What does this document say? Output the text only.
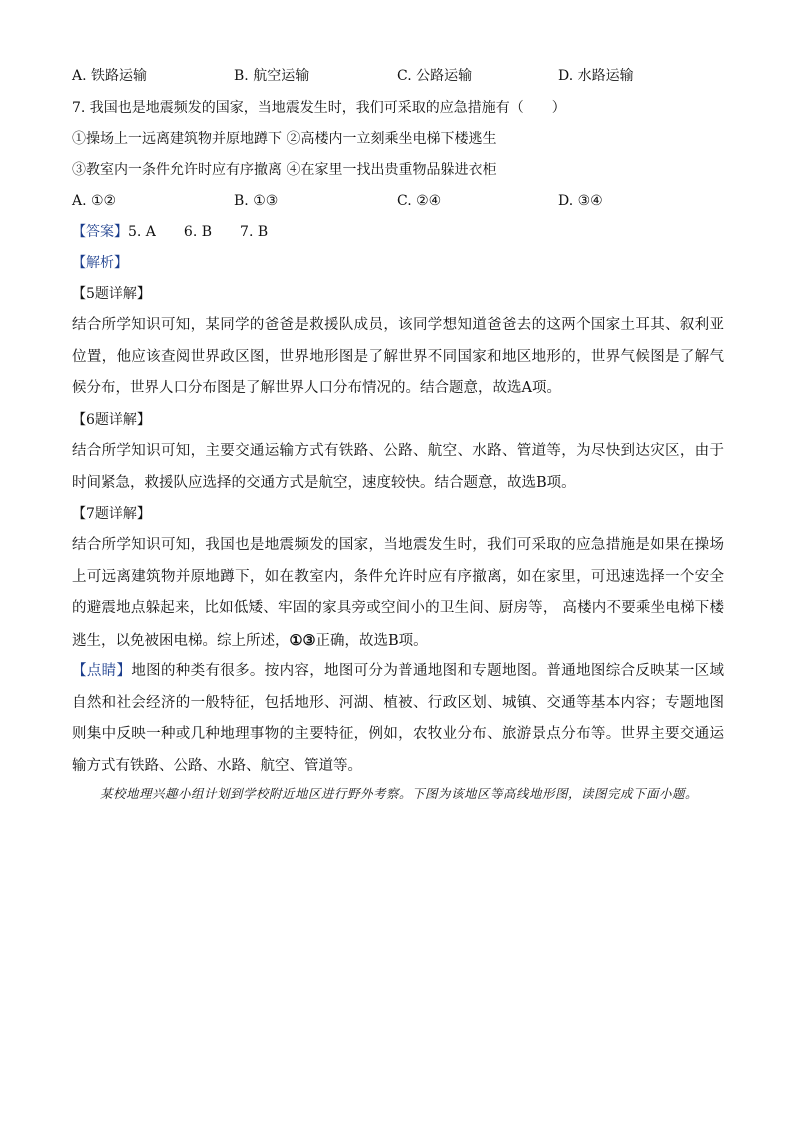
A. 铁路运输	B. 航空运输	C. 公路运输	D. 水路运输
7. 我国也是地震频发的国家，当地震发生时，我们可采取的应急措施有（　　）
①操场上一远离建筑物并原地蹲下 ②高楼内一立刻乘坐电梯下楼逃生
③教室内一条件允许时应有序撤离 ④在家里一找出贵重物品躲进衣柜
A. ①②	B. ①③	C. ②④	D. ③④
【答案】5. A 6. B 7. B
【解析】
【5题详解】
结合所学知识可知，某同学的爸爸是救援队成员，该同学想知道爸爸去的这两个国家土耳其、叙利亚位置，他应该查阅世界政区图，世界地形图是了解世界不同国家和地区地形的，世界气候图是了解气候分布，世界人口分布图是了解世界人口分布情况的。结合题意，故选A项。
【6题详解】
结合所学知识可知，主要交通运输方式有铁路、公路、航空、水路、管道等，为尽快到达灾区，由于时间紧急，救援队应选择的交通方式是航空，速度较快。结合题意，故选B项。
【7题详解】
结合所学知识可知，我国也是地震频发的国家，当地震发生时，我们可采取的应急措施是如果在操场上可远离建筑物并原地蹲下，如在教室内，条件允许时应有序撤离，如在家里，可迅速选择一个安全的避震地点躲起来，比如低矮、牢固的家具旁或空间小的卫生间、厨房等， 高楼内不要乘坐电梯下楼逃生，以免被困电梯。综上所述，①③正确，故选B项。
【点睛】地图的种类有很多。按内容，地图可分为普通地图和专题地图。普通地图综合反映某一区域自然和社会经济的一般特征，包括地形、河湖、植被、行政区划、城镇、交通等基本内容；专题地图则集中反映一种或几种地理事物的主要特征，例如，农牧业分布、旅游景点分布等。世界主要交通运输方式有铁路、公路、水路、航空、管道等。
某校地理兴趣小组计划到学校附近地区进行野外考察。下图为该地区等高线地形图，读图完成下面小题。
